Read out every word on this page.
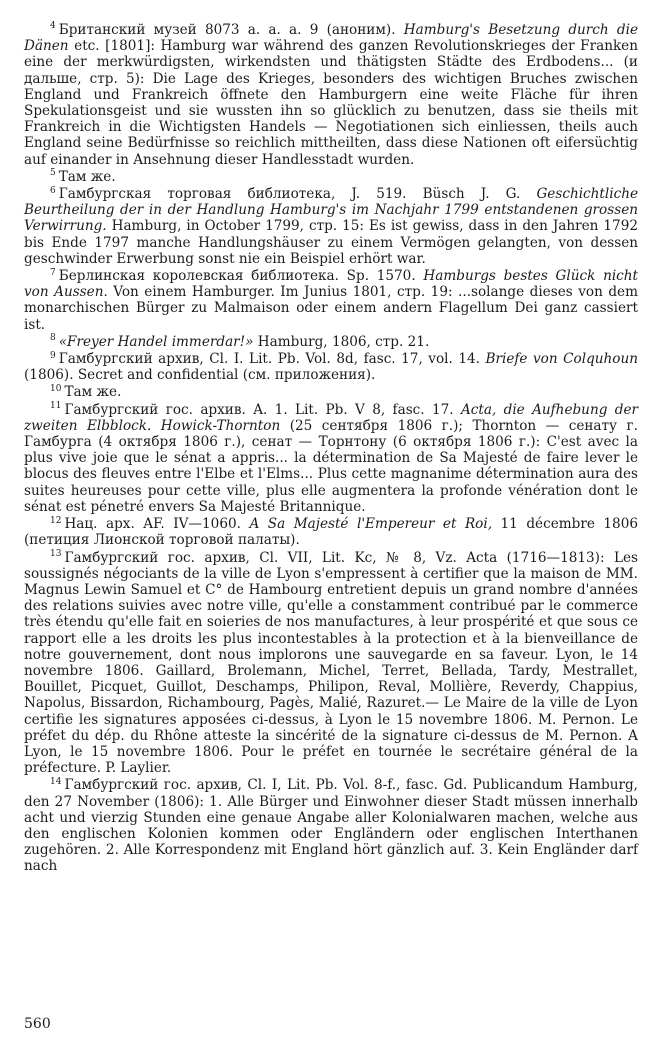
$^4$ Британский музей 8073 а. а. а. 9 (аноним). Hamburg's Besetzung durch die Dänen etc. [1801]: Hamburg war während des ganzen Revolutionskrieges der Franken eine der merkwürdigsten, wirkendsten und thätigsten Städte des Erdbodens... (и дальше, стр. 5): Die Lage des Krieges, besonders des wichtigen Bruches zwischen England und Frankreich öffnete den Hamburgern eine weite Fläche für ihren Spekulationsgeist und sie wussten ihn so glücklich zu benutzen, dass sie theils mit Frankreich in die Wichtigsten Handels — Negotiationen sich einliessen, theils auch England seine Bedürfnisse so reichlich mittheilten, dass diese Nationen oft eifersüchtig auf einander in Ansehnung dieser Handlesstadt wurden.

$^5$ Там же.

$^6$ Гамбургская торговая библиотека, J. 519. Büsch J. G. Geschichtliche Beurtheilung der in der Handlung Hamburg's im Nachjahr 1799 entstandenen grossen Verwirrung. Hamburg, in October 1799, стр. 15: Es ist gewiss, dass in den Jahren 1792 bis Ende 1797 manche Handlungshäuser zu einem Vermögen gelangten, von dessen geschwinder Erwerbung sonst nie ein Beispiel erhört war.

$^7$ Берлинская королевская библиотека. Sp. 1570. Hamburgs bestes Glück nicht von Aussen. Von einem Hamburger. Im Junius 1801, стр. 19: ...solange dieses von dem monarchischen Bürger zu Malmaison oder einem andern Flagellum Dei ganz cassiert ist.

$^8$ «Freyer Handel immerdar!» Hamburg, 1806, стр. 21.

$^9$ Гамбургский архив, Cl. I. Lit. Pb. Vol. 8d, fasc. 17, vol. 14. Briefe von Colquhoun (1806). Secret and confidential (см. приложения).

$^{10}$ Там же.

$^{11}$ Гамбургский гос. архив. A. 1. Lit. Pb. V 8, fasc. 17. Acta, die Aufhebung der zweiten Elbblock. Howick-Thornton (25 сентября 1806 г.); Thornton — сенату г. Гамбурга (4 октября 1806 г.), сенат — Торнтону (6 октября 1806 г.): C'est avec la plus vive joie que le sénat a appris... la détermination de Sa Majesté de faire lever le blocus des fleuves entre l'Elbe et l'Elms... Plus cette magnanime détermination aura des suites heureuses pour cette ville, plus elle augmentera la profonde vénération dont le sénat est pénetré envers Sa Majesté Britannique.

$^{12}$ Нац. арх. AF. IV—1060. A Sa Majesté l'Empereur et Roi, 11 décembre 1806 (петиция Лионской торговой палаты).

$^{13}$ Гамбургский гос. архив, Cl. VII, Lit. Kc, № 8, Vz. Acta (1716—1813): Les soussignés négociants de la ville de Lyon s'empressent à certifier que la maison de MM. Magnus Lewin Samuel et C° de Hambourg entretient depuis un grand nombre d'années des relations suivies avec notre ville, qu'elle a constamment contribué par le commerce très étendu qu'elle fait en soieries de nos manufactures, à leur prospérité et que sous ce rapport elle a les droits les plus incontestables à la protection et à la bienveillance de notre gouvernement, dont nous implorons une sauvegarde en sa faveur. Lyon, le 14 novembre 1806. Gaillard, Brolemann, Michel, Terret, Bellada, Tardy, Mestrallet, Bouillet, Picquet, Guillot, Deschamps, Philipon, Reval, Mollière, Reverdy, Chappius, Napolus, Bissardon, Richambourg, Pagès, Malié, Razuret.— Le Maire de la ville de Lyon certifie les signatures apposées ci-dessus, à Lyon le 15 novembre 1806. M. Pernon. Le préfet du dép. du Rhône atteste la sincérité de la signature ci-dessus de M. Pernon. A Lyon, le 15 novembre 1806. Pour le préfet en tournée le secrétaire général de la préfecture. P. Laylier.

$^{14}$ Гамбургский гос. архив, Cl. I, Lit. Pb. Vol. 8-f., fasc. Gd. Publicandum Hamburg, den 27 November (1806): 1. Alle Bürger und Einwohner dieser Stadt müssen innerhalb acht und vierzig Stunden eine genaue Angabe aller Kolonialwaren machen, welche aus den englischen Kolonien kommen oder Engländern oder englischen Interthanen zugehören. 2. Alle Korrespondenz mit England hört gänzlich auf. 3. Kein Engländer darf nach

560
